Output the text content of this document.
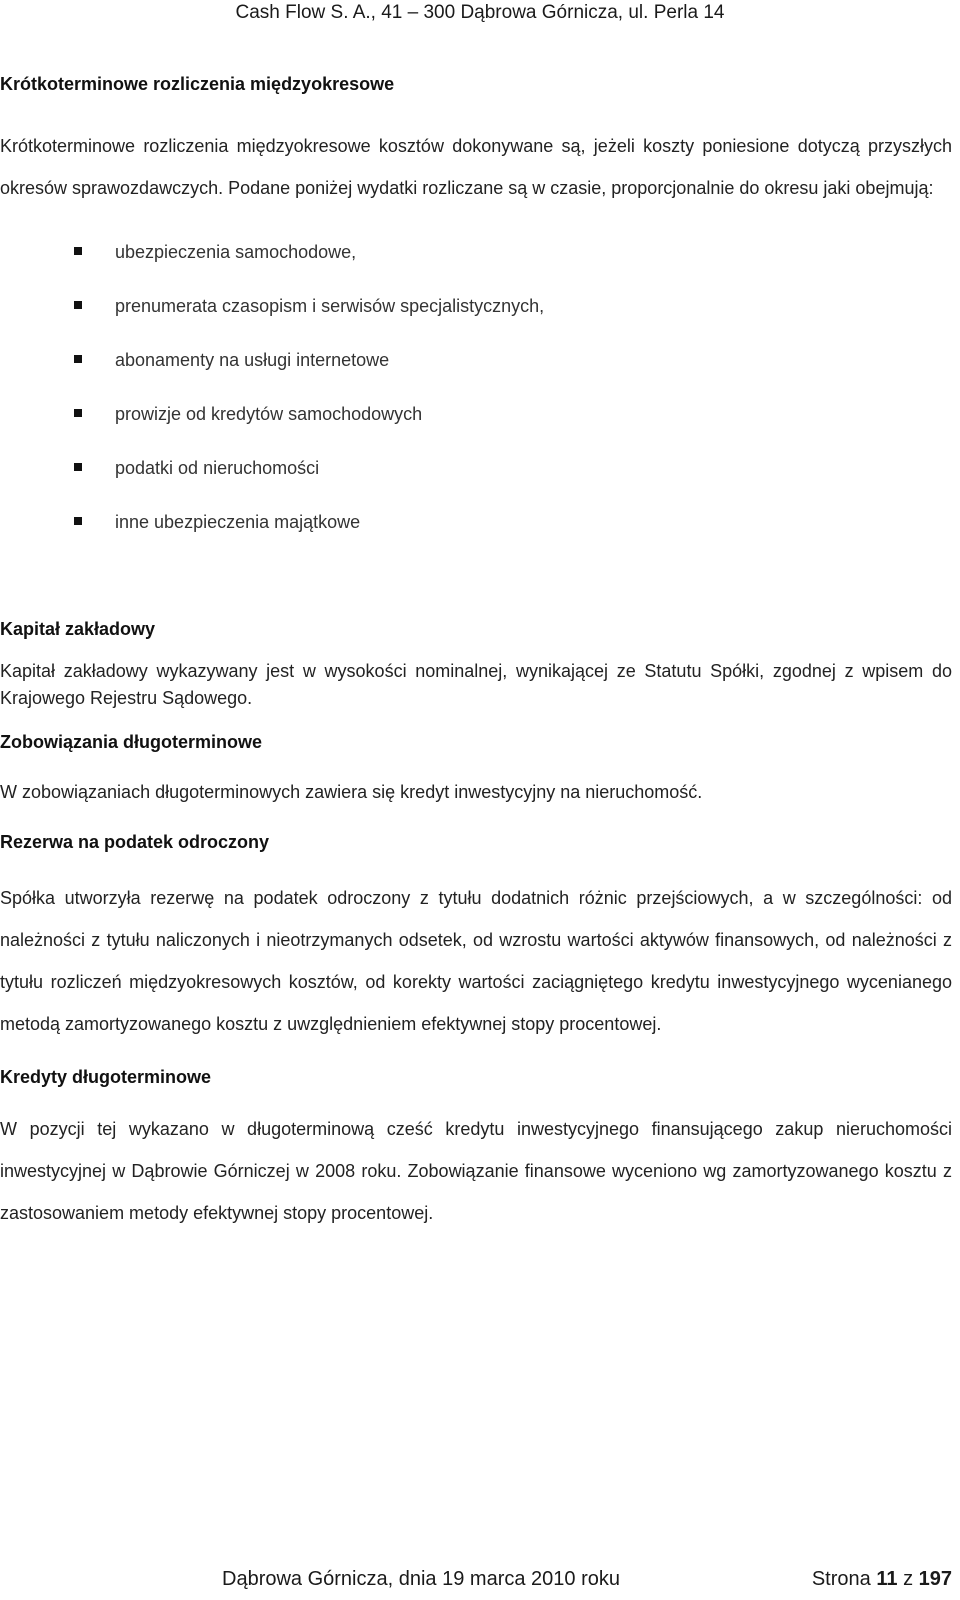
Cash Flow S. A., 41 – 300 Dąbrowa Górnicza, ul. Perla 14
Krótkoterminowe rozliczenia międzyokresowe

Krótkoterminowe rozliczenia międzyokresowe kosztów dokonywane są, jeżeli koszty poniesione dotyczą przyszłych okresów sprawozdawczych. Podane poniżej wydatki rozliczane są w czasie, proporcjonalnie do okresu jaki obejmują:

ubezpieczenia samochodowe,
prenumerata czasopism i serwisów specjalistycznych,
abonamenty na usługi internetowe
prowizje od kredytów samochodowych
podatki od nieruchomości
inne ubezpieczenia majątkowe
Kapitał zakładowy

Kapitał zakładowy wykazywany jest w wysokości nominalnej, wynikającej ze Statutu Spółki, zgodnej z wpisem do Krajowego Rejestru Sądowego.

Zobowiązania długoterminowe

W zobowiązaniach długoterminowych zawiera się kredyt inwestycyjny na nieruchomość.

Rezerwa na podatek odroczony

Spółka utworzyła rezerwę na podatek odroczony z tytułu dodatnich różnic przejściowych, a w szczególności: od należności z tytułu naliczonych i nieotrzymanych odsetek, od wzrostu wartości aktywów finansowych, od należności z tytułu rozliczeń międzyokresowych kosztów, od korekty wartości zaciągniętego kredytu inwestycyjnego wycenianego metodą zamortyzowanego kosztu z uwzględnieniem efektywnej stopy procentowej.

Kredyty długoterminowe

W pozycji tej wykazano w długoterminową cześć kredytu inwestycyjnego finansującego zakup nieruchomości inwestycyjnej w Dąbrowie Górniczej w 2008 roku. Zobowiązanie finansowe wyceniono wg zamortyzowanego kosztu z zastosowaniem metody efektywnej stopy procentowej.

Dąbrowa Górnicza, dnia 19 marca 2010 roku	Strona 11 z 197
